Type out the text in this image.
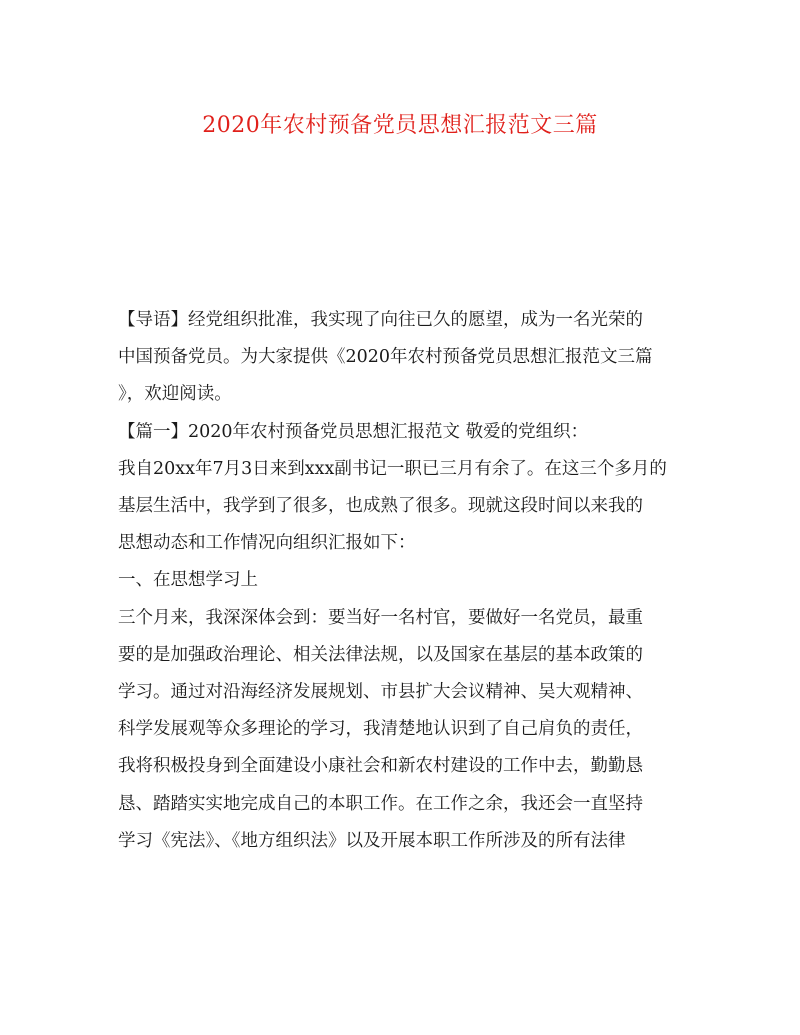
2020年农村预备党员思想汇报范文三篇
【导语】经党组织批准，我实现了向往已久的愿望，成为一名光荣的
中国预备党员。为大家提供《2020年农村预备党员思想汇报范文三篇
》，欢迎阅读。
【篇一】2020年农村预备党员思想汇报范文 敬爱的党组织：
我自20xx年7月3日来到xxx副书记一职已三月有余了。在这三个多月的
基层生活中，我学到了很多，也成熟了很多。现就这段时间以来我的
思想动态和工作情况向组织汇报如下：
一、在思想学习上
三个月来，我深深体会到：要当好一名村官，要做好一名党员，最重
要的是加强政治理论、相关法律法规，以及国家在基层的基本政策的
学习。通过对沿海经济发展规划、市县扩大会议精神、吴大观精神、
科学发展观等众多理论的学习，我清楚地认识到了自己肩负的责任，
我将积极投身到全面建设小康社会和新农村建设的工作中去，勤勤恳
恳、踏踏实实地完成自己的本职工作。在工作之余，我还会一直坚持
学习《宪法》、《地方组织法》以及开展本职工作所涉及的所有法律
